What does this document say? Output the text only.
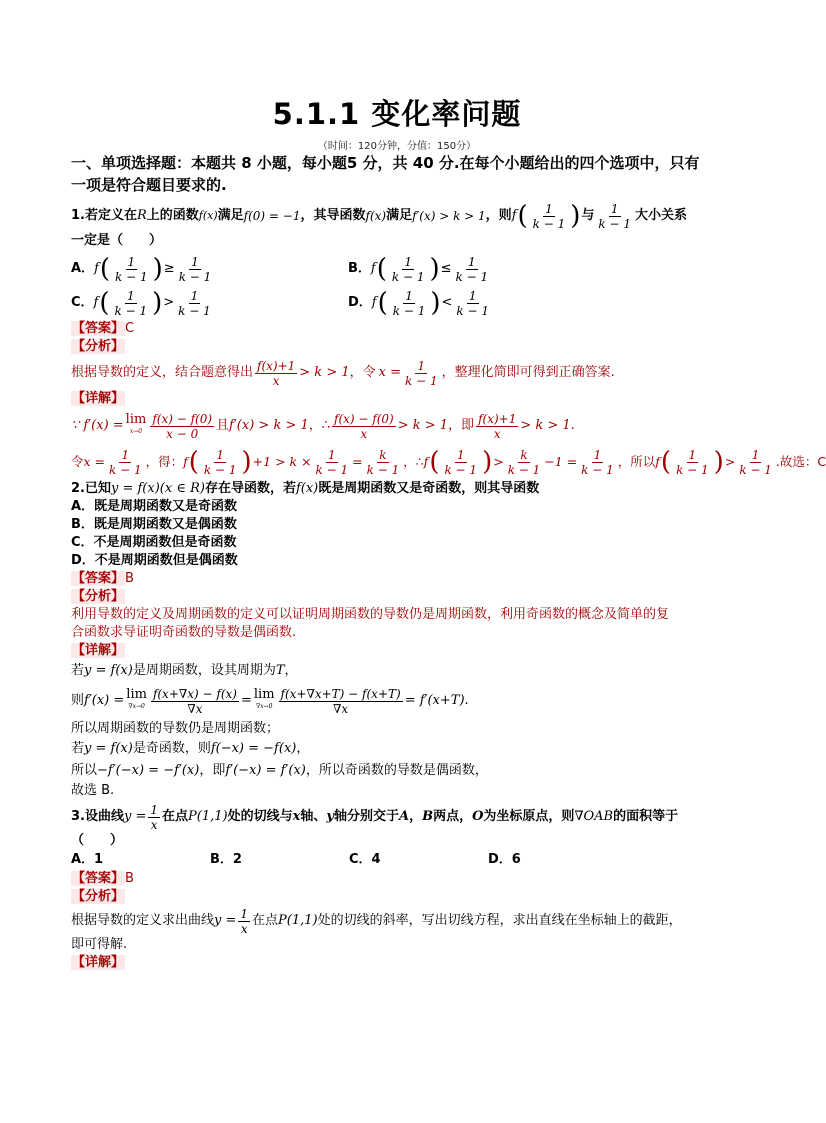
5.1.1 变化率问题
（时间：120分钟，分值：150分）
一、单项选择题：本题共 8 小题，每小题5 分，共 40 分.在每个小题给出的四个选项中，只有
一项是符合题目要求的.
1.若定义在 R 上的函数 f(x) 满足 f(0) = −1 ，其导函数 f(x) 满足 f′(x) > k > 1 ，则 f ( $\frac{1}{k - 1}$ ) 与 $\frac{1}{k - 1}$ 大小关系
一定是（　　）
A． f ( $\frac{1}{k - 1}$ ) ≥ $\frac{1}{k - 1}$	B． f ( $\frac{1}{k - 1}$ ) ≤ $\frac{1}{k - 1}$
C． f ( $\frac{1}{k - 1}$ ) > $\frac{1}{k - 1}$	D． f ( $\frac{1}{k - 1}$ ) < $\frac{1}{k - 1}$
【答案】C
【分析】
根据导数的定义，结合题意得出 $\frac{f(x)+1}{x} > k > 1$ ，令 $x = \frac{1}{k - 1}$ ，整理化简即可得到正确答案.
【详解】
∵ f′(x) = lim
$x\to 0 \frac{f(x) - f(0)}{x - 0}$ 且 f′(x) > k > 1 ，∴ $\frac{f(x) - f(0)}{x} > k > 1$ ，即 $\frac{f(x)+1}{x} > k > 1$.
令 $x = \frac{1}{k - 1}$ ，得： f ( $\frac{1}{k - 1}$ ) $+1 > k \times \frac{1}{k - 1} = \frac{k}{k - 1}$ ，∴ f ( $\frac{1}{k - 1}$ ) > $\frac{k}{k - 1} -1 = \frac{1}{k - 1}$ ，所以 f ( $\frac{1}{k - 1}$ ) > $\frac{1}{k - 1}$ .故选： C
2.已知 y = f(x)(x ∈ R) 存在导函数，若 f(x) 既是周期函数又是奇函数，则其导函数
A．既是周期函数又是奇函数
B．既是周期函数又是偶函数
C．不是周期函数但是奇函数
D．不是周期函数但是偶函数
【答案】B
【分析】
利用导数的定义及周期函数的定义可以证明周期函数的导数仍是周期函数，利用奇函数的概念及简单的复
合函数求导证明奇函数的导数是偶函数.
【详解】
若 y = f(x) 是周期函数，设其周期为 T ，
则 f′(x) = lim
$\nabla x\to 0 \frac{f(x+\nabla x) - f(x)}{\nabla x} = \lim$
$\nabla x\to 0 \frac{f(x+\nabla x+T) - f(x+T)}{\nabla x} = f'(x+T)$.
所以周期函数的导数仍是周期函数；
若 y = f(x) 是奇函数，则 f(−x) = −f(x) ，
所以 −f′(−x) = −f′(x) ，即 f′(−x) = f′(x) ，所以奇函数的导数是偶函数，
故选 B.
3.设曲线 $y = \frac{1}{x}$ 在点 P(1,1) 处的切线与 x 轴、 y 轴分别交于 A ， B 两点， O 为坐标原点，则 ∇OAB 的面积等于
（　　）
A．1	B．2	C．4	D．6
【答案】B
【分析】
根据导数的定义求出曲线 $y = \frac{1}{x}$ 在点 P(1,1) 处的切线的斜率，写出切线方程，求出直线在坐标轴上的截距，
即可得解.
【详解】
